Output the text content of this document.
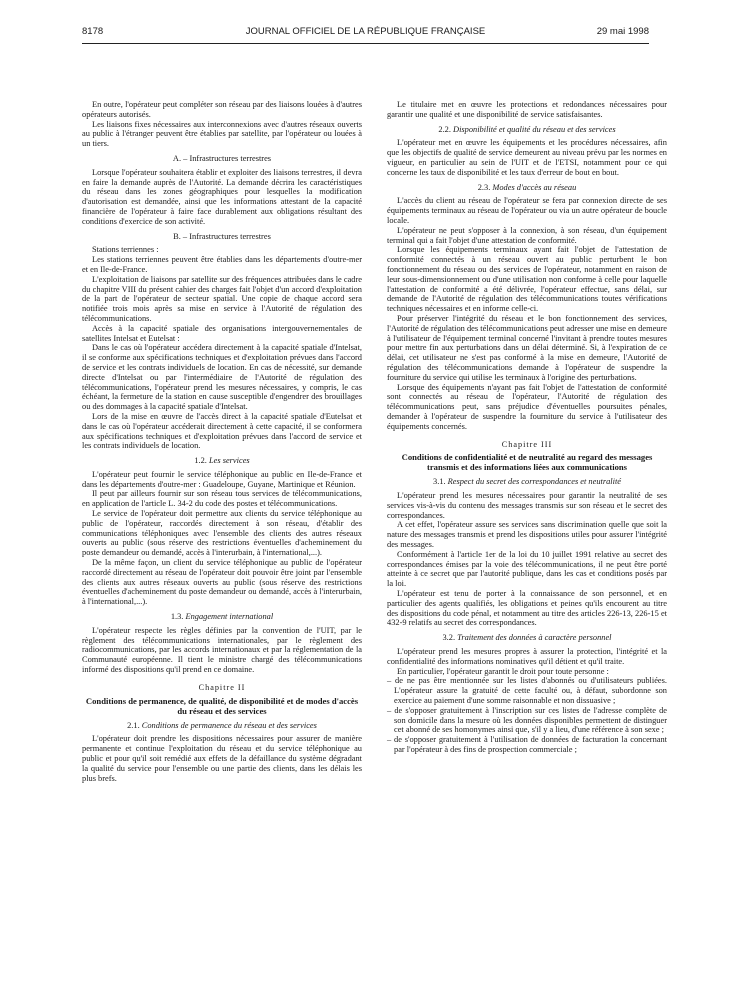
8178	JOURNAL OFFICIEL DE LA RÉPUBLIQUE FRANÇAISE	29 mai 1998

En outre, l'opérateur peut compléter son réseau par des liaisons louées à d'autres opérateurs autorisés.

Les liaisons fixes nécessaires aux interconnexions avec d'autres réseaux ouverts au public à l'étranger peuvent être établies par satellite, par l'opérateur ou louées à un tiers.

A. – Infrastructures terrestres

Lorsque l'opérateur souhaitera établir et exploiter des liaisons terrestres, il devra en faire la demande auprès de l'Autorité. La demande décrira les caractéristiques du réseau dans les zones géographiques pour lesquelles la modification d'autorisation est demandée, ainsi que les informations attestant de la capacité financière de l'opérateur à faire face durablement aux obligations résultant des conditions d'exercice de son activité.

B. – Infrastructures terrestres

Stations terriennes :

Les stations terriennes peuvent être établies dans les départements d'outre-mer et en Ile-de-France.

L'exploitation de liaisons par satellite sur des fréquences attribuées dans le cadre du chapitre VIII du présent cahier des charges fait l'objet d'un accord d'exploitation de la part de l'opérateur de secteur spatial. Une copie de chaque accord sera notifiée trois mois après sa mise en service à l'Autorité de régulation des télécommunications.

Accès à la capacité spatiale des organisations intergouvernementales de satellites Intelsat et Eutelsat :

Dans le cas où l'opérateur accédera directement à la capacité spatiale d'Intelsat, il se conforme aux spécifications techniques et d'exploitation prévues dans l'accord de service et les contrats individuels de location. En cas de nécessité, sur demande directe d'Intelsat ou par l'intermédiaire de l'Autorité de régulation des télécommunications, l'opérateur prend les mesures nécessaires, y compris, le cas échéant, la fermeture de la station en cause susceptible d'engendrer des brouillages ou des dommages à la capacité spatiale d'Intelsat.

Lors de la mise en œuvre de l'accès direct à la capacité spatiale d'Eutelsat et dans le cas où l'opérateur accéderait directement à cette capacité, il se conformera aux spécifications techniques et d'exploitation prévues dans l'accord de service et les contrats individuels de location.

1.2. Les services

L'opérateur peut fournir le service téléphonique au public en Ile-de-France et dans les départements d'outre-mer : Guadeloupe, Guyane, Martinique et Réunion.

Il peut par ailleurs fournir sur son réseau tous services de télécommunications, en application de l'article L. 34-2 du code des postes et télécommunications.

Le service de l'opérateur doit permettre aux clients du service téléphonique au public de l'opérateur, raccordés directement à son réseau, d'établir des communications téléphoniques avec l'ensemble des clients des autres réseaux ouverts au public (sous réserve des restrictions éventuelles d'acheminement du poste demandeur ou demandé, accès à l'interurbain, à l'international,...).

De la même façon, un client du service téléphonique au public de l'opérateur raccordé directement au réseau de l'opérateur doit pouvoir être joint par l'ensemble des clients aux autres réseaux ouverts au public (sous réserve des restrictions éventuelles d'acheminement du poste demandeur ou demandé, accès à l'interurbain, à l'international,...).

1.3. Engagement international

L'opérateur respecte les règles définies par la convention de l'UIT, par le règlement des télécommunications internationales, par le règlement des radiocommunications, par les accords internationaux et par la réglementation de la Communauté européenne. Il tient le ministre chargé des télécommunications informé des dispositions qu'il prend en ce domaine.

Chapitre II
Conditions de permanence, de qualité, de disponibilité et de modes d'accès du réseau et des services
2.1. Conditions de permanence du réseau et des services

L'opérateur doit prendre les dispositions nécessaires pour assurer de manière permanente et continue l'exploitation du réseau et du service téléphonique au public et pour qu'il soit remédié aux effets de la défaillance du système dégradant la qualité du service pour l'ensemble ou une partie des clients, dans les délais les plus brefs.

Le titulaire met en œuvre les protections et redondances nécessaires pour garantir une qualité et une disponibilité de service satisfaisantes.

2.2. Disponibilité et qualité du réseau et des services

L'opérateur met en œuvre les équipements et les procédures nécessaires, afin que les objectifs de qualité de service demeurent au niveau prévu par les normes en vigueur, en particulier au sein de l'UIT et de l'ETSI, notamment pour ce qui concerne les taux de disponibilité et les taux d'erreur de bout en bout.

2.3. Modes d'accès au réseau

L'accès du client au réseau de l'opérateur se fera par connexion directe de ses équipements terminaux au réseau de l'opérateur ou via un autre opérateur de boucle locale.

L'opérateur ne peut s'opposer à la connexion, à son réseau, d'un équipement terminal qui a fait l'objet d'une attestation de conformité.

Lorsque les équipements terminaux ayant fait l'objet de l'attestation de conformité connectés à un réseau ouvert au public perturbent le bon fonctionnement du réseau ou des services de l'opérateur, notamment en raison de leur sous-dimensionnement ou d'une utilisation non conforme à celle pour laquelle l'attestation de conformité a été délivrée, l'opérateur effectue, sans délai, sur demande de l'Autorité de régulation des télécommunications toutes vérifications techniques nécessaires et en informe celle-ci.

Pour préserver l'intégrité du réseau et le bon fonctionnement des services, l'Autorité de régulation des télécommunications peut adresser une mise en demeure à l'utilisateur de l'équipement terminal concerné l'invitant à prendre toutes mesures pour mettre fin aux perturbations dans un délai déterminé. Si, à l'expiration de ce délai, cet utilisateur ne s'est pas conformé à la mise en demeure, l'Autorité de régulation des télécommunications demande à l'opérateur de suspendre la fourniture du service qui utilise les terminaux à l'origine des perturbations.

Lorsque des équipements n'ayant pas fait l'objet de l'attestation de conformité sont connectés au réseau de l'opérateur, l'Autorité de régulation des télécommunications peut, sans préjudice d'éventuelles poursuites pénales, demander à l'opérateur de suspendre la fourniture du service à l'utilisateur des équipements concernés.

Chapitre III
Conditions de confidentialité et de neutralité au regard des messages transmis et des informations liées aux communications
3.1. Respect du secret des correspondances et neutralité

L'opérateur prend les mesures nécessaires pour garantir la neutralité de ses services vis-à-vis du contenu des messages transmis sur son réseau et le secret des correspondances.

A cet effet, l'opérateur assure ses services sans discrimination quelle que soit la nature des messages transmis et prend les dispositions utiles pour assurer l'intégrité des messages.

Conformément à l'article 1er de la loi du 10 juillet 1991 relative au secret des correspondances émises par la voie des télécommunications, il ne peut être porté atteinte à ce secret que par l'autorité publique, dans les cas et conditions posés par la loi.

L'opérateur est tenu de porter à la connaissance de son personnel, et en particulier des agents qualifiés, les obligations et peines qu'ils encourent au titre des dispositions du code pénal, et notamment au titre des articles 226-13, 226-15 et 432-9 relatifs au secret des correspondances.

3.2. Traitement des données à caractère personnel

L'opérateur prend les mesures propres à assurer la protection, l'intégrité et la confidentialité des informations nominatives qu'il détient et qu'il traite.

En particulier, l'opérateur garantit le droit pour toute personne :

– de ne pas être mentionnée sur les listes d'abonnés ou d'utilisateurs publiées. L'opérateur assure la gratuité de cette faculté ou, à défaut, subordonne son exercice au paiement d'une somme raisonnable et non dissuasive ;

– de s'opposer gratuitement à l'inscription sur ces listes de l'adresse complète de son domicile dans la mesure où les données disponibles permettent de distinguer cet abonné de ses homonymes ainsi que, s'il y a lieu, d'une référence à son sexe ;

– de s'opposer gratuitement à l'utilisation de données de facturation la concernant par l'opérateur à des fins de prospection commerciale ;
